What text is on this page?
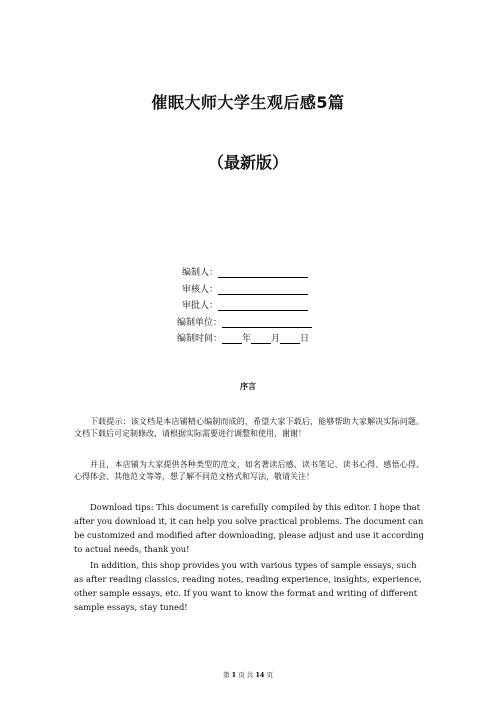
催眠大师大学生观后感5篇
（最新版）
编制人：
审核人：
审批人：
编制单位：
编制时间： 年 月 日
序言

下载提示：该文档是本店铺精心编制而成的，希望大家下载后，能够帮助大家解决实际问题。文档下载后可定制修改，请根据实际需要进行调整和使用，谢谢！

并且，本店铺为大家提供各种类型的范文，如名著读后感、读书笔记、读书心得、感悟心得、心得体会、其他范文等等，想了解不同范文格式和写法，敬请关注！

Download tips: This document is carefully compiled by this editor. I hope that after you download it, it can help you solve practical problems. The document can be customized and modified after downloading, please adjust and use it according to actual needs, thank you!

In addition, this shop provides you with various types of sample essays, such as after reading classics, reading notes, reading experience, insights, experience, other sample essays, etc. If you want to know the format and writing of different sample essays, stay tuned!

第 1 页 共 14 页
